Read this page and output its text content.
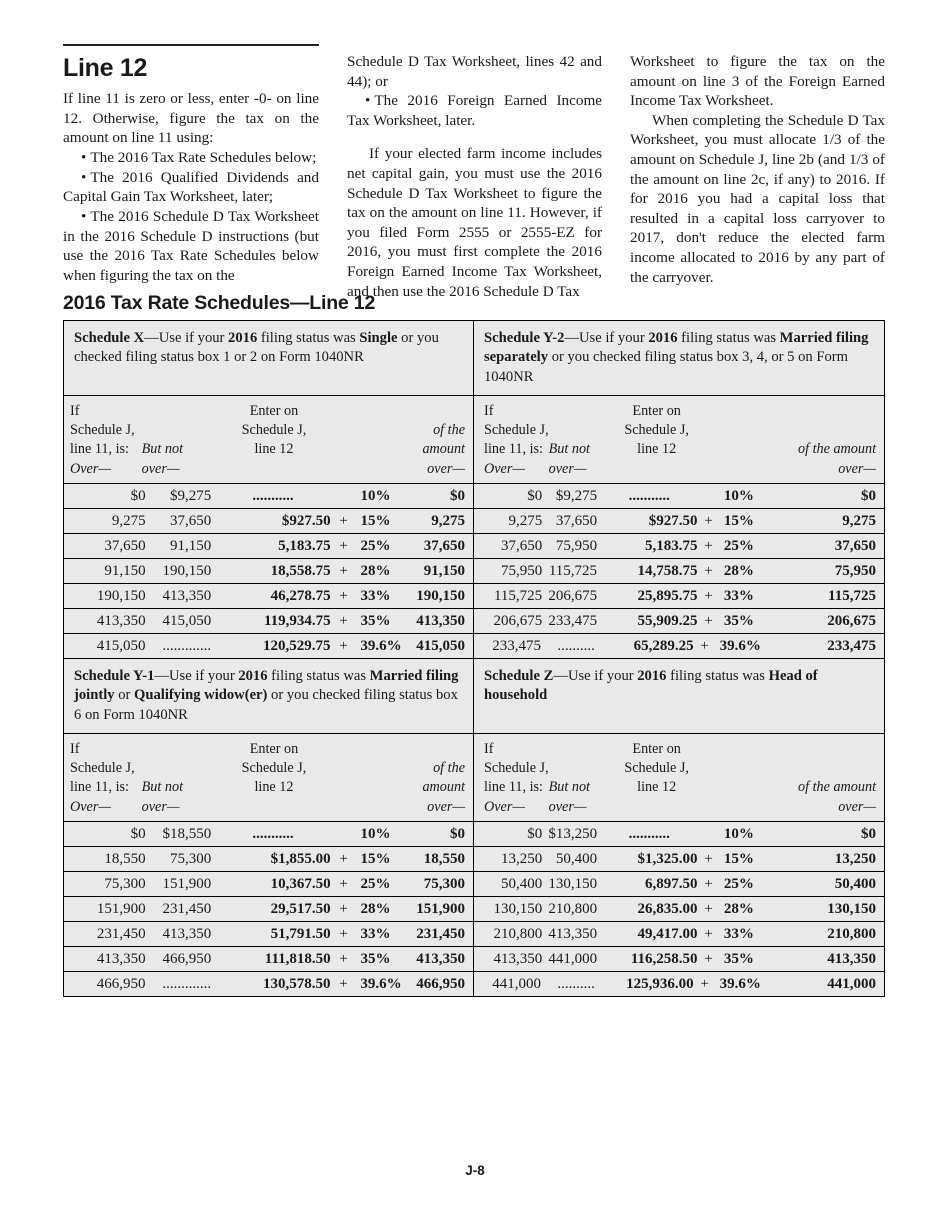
Line 12

If line 11 is zero or less, enter -0- on line 12. Otherwise, figure the tax on the amount on line 11 using:

•The 2016 Tax Rate Schedules below;

•The 2016 Qualified Dividends and Capital Gain Tax Worksheet, later;

•The 2016 Schedule D Tax Worksheet in the 2016 Schedule D instructions (but use the 2016 Tax Rate Schedules below when figuring the tax on the

Schedule D Tax Worksheet, lines 42 and 44); or

•The 2016 Foreign Earned Income Tax Worksheet, later.

If your elected farm income includes net capital gain, you must use the 2016 Schedule D Tax Worksheet to figure the tax on the amount on line 11. However, if you filed Form 2555 or 2555-EZ for 2016, you must first complete the 2016 Foreign Earned Income Tax Worksheet, and then use the 2016 Schedule D Tax

Worksheet to figure the tax on the amount on line 3 of the Foreign Earned Income Tax Worksheet.

When completing the Schedule D Tax Worksheet, you must allocate 1/3 of the amount on Schedule J, line 2b (and 1/3 of the amount on line 2c, if any) to 2016. If for 2016 you had a capital loss that resulted in a capital loss carryover to 2017, don't reduce the elected farm income allocated to 2016 by any part of the carryover.

2016 Tax Rate Schedules—Line 12
Schedule X—Use if your 2016 filing status was Single or you checked filing status box 1 or 2 on Form 1040NR
Schedule Y-2—Use if your 2016 filing status was Married filing separately or you checked filing status box 3, 4, or 5 on Form 1040NR
If
Schedule J,
line 11, is:
Over—

But not
over—
Enter on
Schedule J,
line 12

of the
amount
over—
If
Schedule J,
line 11, is:
Over—

But not
over—
Enter on
Schedule J,
line 12

	of the amount
over—
$0	$9,275	...........	10%	$0
9,275	37,650	$927.50 + 15%	9,275
37,650	91,150	5,183.75 + 25%	37,650
91,150	190,150	18,558.75 + 28%	91,150
190,150	413,350	46,278.75 + 33%	190,150
413,350	415,050	119,934.75 + 35%	413,350
415,050	.............	120,529.75 + 39.6% 415,050
$0 $9,275	...........	10%	$0
9,275 37,650	$927.50 + 15%	9,275
37,650 75,950	5,183.75 + 25%	37,650
75,950 115,725	14,758.75 + 28%	75,950
115,725 206,675	25,895.75 + 33%	115,725
206,675 233,475	55,909.25 + 35%	206,675
233,475	..........	65,289.25 + 39.6%	233,475
Schedule Y-1—Use if your 2016 filing status was Married filing jointly or Qualifying widow(er) or you checked filing status box 6 on Form 1040NR
Schedule Z—Use if your 2016 filing status was Head of household
If
Schedule J,
line 11, is:
Over—

But not
over—
Enter on
Schedule J,
line 12

of the
amount
over—
If
Schedule J,
line 11, is:
Over—

But not
over—
Enter on
Schedule J,
line 12

	of the amount
over—
$0	$18,550	...........	10%	$0
18,550	75,300	$1,855.00 + 15%	18,550
75,300	151,900	10,367.50 + 25%	75,300
151,900	231,450	29,517.50 + 28%	151,900
231,450	413,350	51,791.50 + 33%	231,450
413,350	466,950	111,818.50 + 35%	413,350
466,950	.............	130,578.50 + 39.6% 466,950
$0 $13,250	...........	10%	$0
13,250 50,400	$1,325.00 + 15%	13,250
50,400 130,150	6,897.50 + 25%	50,400
130,150 210,800	26,835.00 + 28%	130,150
210,800 413,350	49,417.00 + 33%	210,800
413,350 441,000	116,258.50 + 35%	413,350
441,000	..........	125,936.00 + 39.6%	441,000
J-8
